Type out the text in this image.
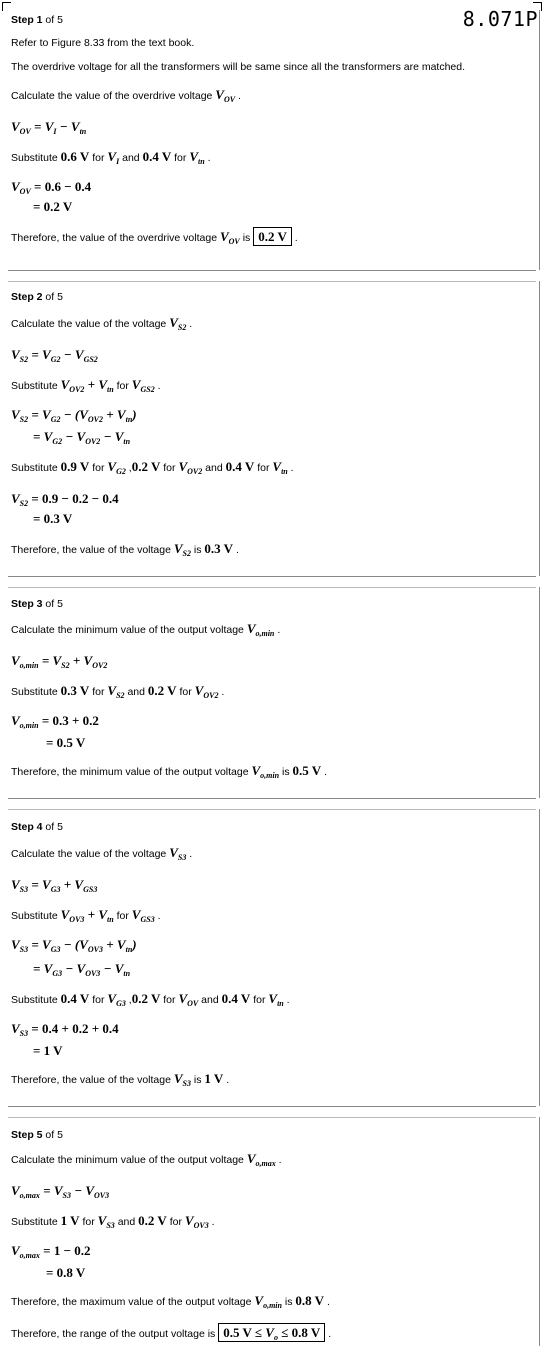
8.071P
Step 1 of 5
Refer to Figure 8.33 from the text book.
The overdrive voltage for all the transformers will be same since all the transformers are matched.
Calculate the value of the overdrive voltage $V_{OV}$ .
$V_{OV} = V_I - V_{tn}$
Substitute 0.6 V for $V_I$ and 0.4 V for $V_{tn}$ .
$V_{OV} = 0.6 - 0.4$
= 0.2 V
Therefore, the value of the overdrive voltage $V_{OV}$ is 0.2 V .
Step 2 of 5
Calculate the value of the voltage $V_{S2}$ .
$V_{S2} = V_{G2} - V_{GS2}$
Substitute $V_{OV2} + V_{tn}$ for $V_{GS2}$ .
$V_{S2} = V_{G2} - (V_{OV2} + V_{tn})$
= $V_{G2} - V_{OV2} - V_{tn}$
Substitute 0.9 V for $V_{G2}$ ,0.2 V for $V_{OV2}$ and 0.4 V for $V_{tn}$ .
$V_{S2} = 0.9 - 0.2 - 0.4$
= 0.3 V
Therefore, the value of the voltage $V_{S2}$ is 0.3 V .
Step 3 of 5
Calculate the minimum value of the output voltage $V_{o,min}$ .
$V_{o,min} = V_{S2} + V_{OV2}$
Substitute 0.3 V for $V_{S2}$ and 0.2 V for $V_{OV2}$ .
$V_{o,min} = 0.3 + 0.2$
= 0.5 V
Therefore, the minimum value of the output voltage $V_{o,min}$ is 0.5 V .
Step 4 of 5
Calculate the value of the voltage $V_{S3}$ .
$V_{S3} = V_{G3} + V_{GS3}$
Substitute $V_{OV3} + V_{tn}$ for $V_{GS3}$ .
$V_{S3} = V_{G3} - (V_{OV3} + V_{tn})$
= $V_{G3} - V_{OV3} - V_{tn}$
Substitute 0.4 V for $V_{G3}$ ,0.2 V for $V_{OV}$ and 0.4 V for $V_{tn}$ .
$V_{S3} = 0.4 + 0.2 + 0.4$
= 1 V
Therefore, the value of the voltage $V_{S3}$ is 1 V .
Step 5 of 5
Calculate the minimum value of the output voltage $V_{o,max}$ .
$V_{o,max} = V_{S3} - V_{OV3}$
Substitute 1 V for $V_{S3}$ and 0.2 V for $V_{OV3}$ .
$V_{o,max} = 1 - 0.2$
= 0.8 V
Therefore, the maximum value of the output voltage $V_{o,min}$ is 0.8 V .
Therefore, the range of the output voltage is 0.5 $V \le V_o \le 0.8$ V .
